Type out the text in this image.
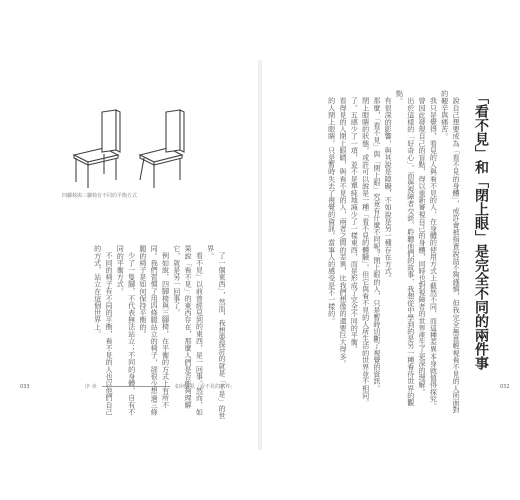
四腳椅與三腳椅有不同的平衡方式

了一個東西」，然而，我想要探討的就是「不是」的世界。

看不見」以前曾經見到的東西，是一回事。然而，如果說「看不見」的東西存在，那麼人們是否能夠理解它，就是另一回事了。

例如說，四腳椅與三腳椅，在平衡的方式上有所不同。我們習慣了用四條腿站立的椅子，卻很少想過三條腿的椅子是如何保持平衡的。

少了一隻腳，不代表無法站立；不同的身體，自有不同的平衡方式。

不同的椅子有不同的平衡，看不見的人也以他們自己的方式，站立在這個世界上。

033	序 章	如何看見「看不見的世界」
「看不見」和「閉上眼」是完全不同的兩件事

說自己想要成為「看不見的身體」，或許會被指責說話不夠謹慎，但我完全無意輕視看不見的人所面對的艱辛與痛苦。

我只是覺得，看見的人與看不見的人，在身體的使用方式上截然不同，而這種差異本身就值得探究。

曾因此發現自己的盲點，得以重新審視自己的身體，同時也對視障者的世界產生了更深的理解。

出於這樣的「好奇心」，而與視障者交談、聆聽他們的故事，我想從中學到的是另一種看待世界的觀點。

有很深的影響，與其說是障礙，不如說是另一種存在方式。

那麼，「看不見」與「閉上眼」究竟有什麼不同呢？閉上眼的人，只是暫時切斷了視覺的資訊。

閉上眼睛的狀態，或許可以說是一種「看不見的體驗」，但它與看不見的人所生活的世界並不相同。

了。五感少了一項，並不是單純地減少了一樣東西，而是形成了完全不同的平衡。

看得見的人閉上眼睛，與看不見的人，兩者之間的差異，比我們想像的還要巨大得多。

的人閉上眼睛，只是暫時失去了視覺的資訊，當事人的感受是不一樣的。

032
